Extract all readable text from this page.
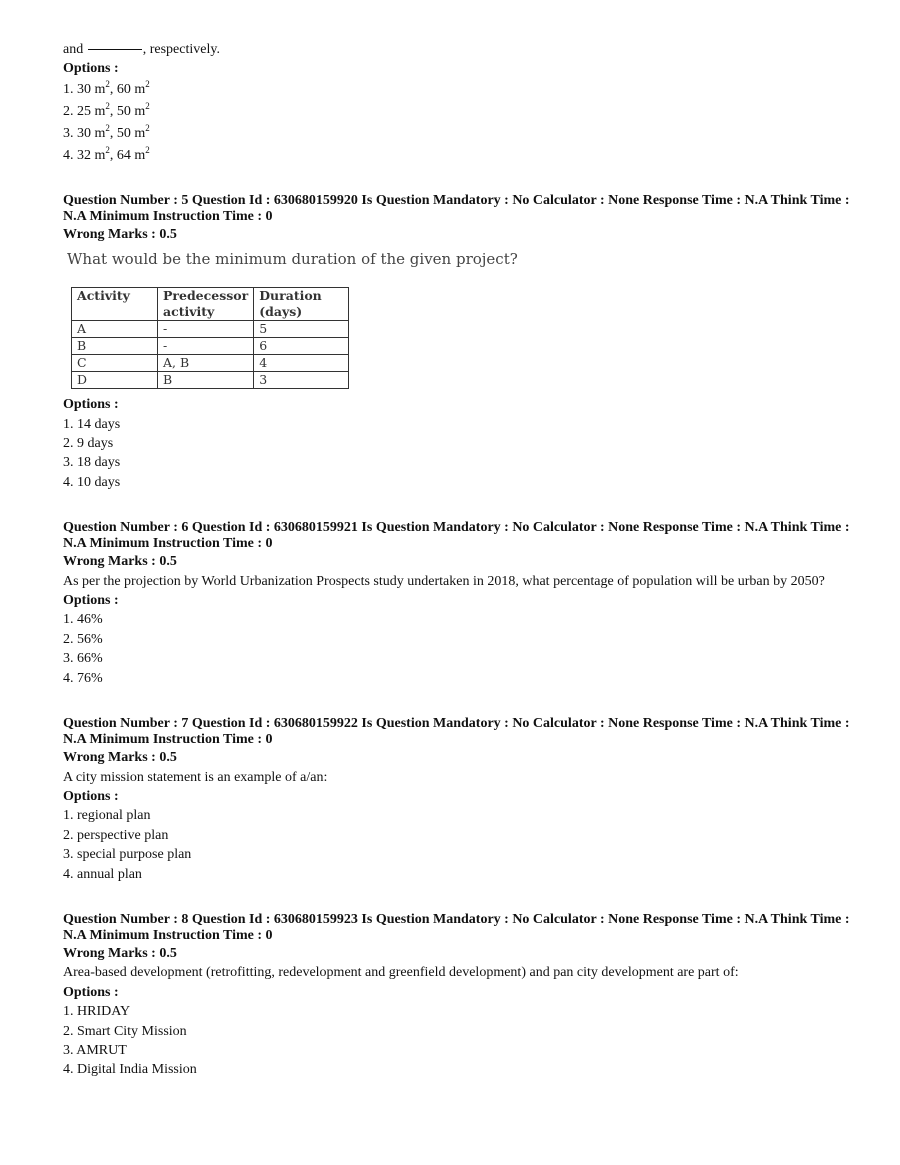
and	, respectively.

Options :

1. 30 $m^2$, 60 $m^2$

2. 25 $m^2$, 50 $m^2$

3. 30 $m^2$, 50 $m^2$

4. 32 $m^2$, 64 $m^2$

Question Number : 5 Question Id : 630680159920 Is Question Mandatory : No Calculator : None Response Time : N.A Think Time : N.A Minimum Instruction Time : 0

Wrong Marks : 0.5

What would be the minimum duration of the given project?

Activity	Predecessor activity	Duration (days)
A	-	5
B	-	6
C	A, B	4
D	B	3

Options :

1. 14 days

2. 9 days

3. 18 days

4. 10 days

Question Number : 6 Question Id : 630680159921 Is Question Mandatory : No Calculator : None Response Time : N.A Think Time : N.A Minimum Instruction Time : 0

Wrong Marks : 0.5

As per the projection by World Urbanization Prospects study undertaken in 2018, what percentage of population will be urban by 2050?

Options :

1. 46%

2. 56%

3. 66%

4. 76%

Question Number : 7 Question Id : 630680159922 Is Question Mandatory : No Calculator : None Response Time : N.A Think Time : N.A Minimum Instruction Time : 0

Wrong Marks : 0.5

A city mission statement is an example of a/an:

Options :

1. regional plan

2. perspective plan

3. special purpose plan

4. annual plan

Question Number : 8 Question Id : 630680159923 Is Question Mandatory : No Calculator : None Response Time : N.A Think Time : N.A Minimum Instruction Time : 0

Wrong Marks : 0.5

Area-based development (retrofitting, redevelopment and greenfield development) and pan city development are part of:

Options :

1. HRIDAY

2. Smart City Mission

3. AMRUT

4. Digital India Mission
